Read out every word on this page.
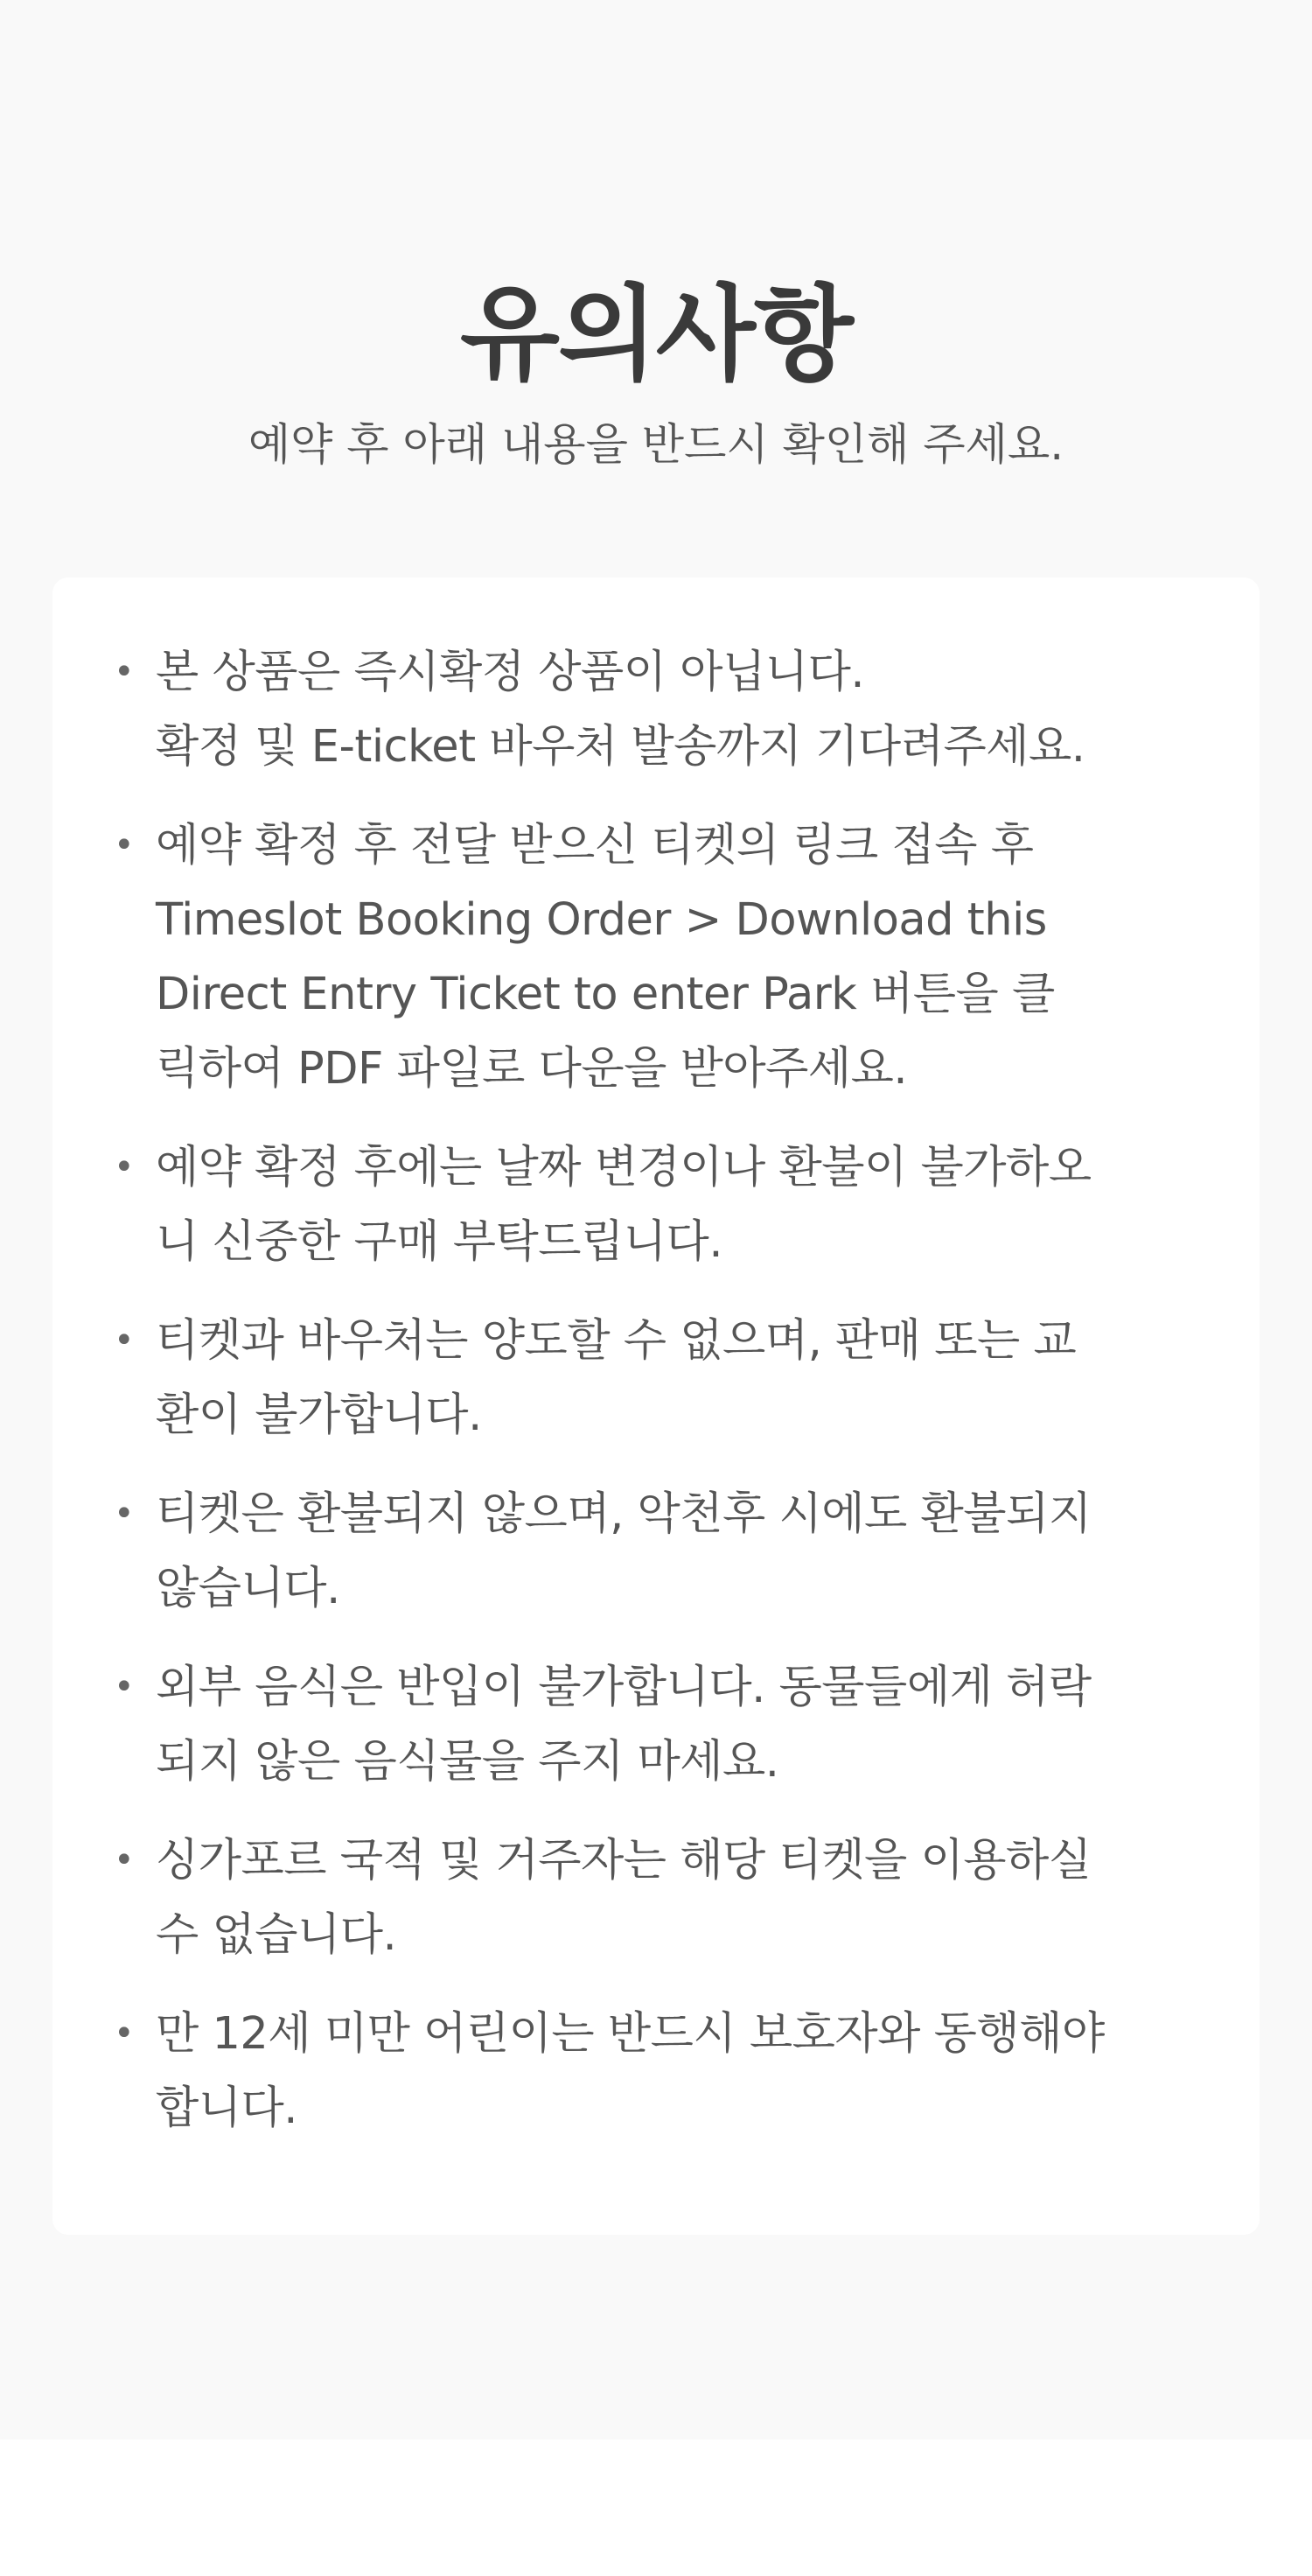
유의사항

예약 후 아래 내용을 반드시 확인해 주세요.

• 본 상품은 즉시확정 상품이 아닙니다.
확정 및 E-ticket 바우처 발송까지 기다려주세요.
• 예약 확정 후 전달 받으신 티켓의 링크 접속 후
Timeslot Booking Order > Download this
Direct Entry Ticket to enter Park 버튼을 클
릭하여 PDF 파일로 다운을 받아주세요.
• 예약 확정 후에는 날짜 변경이나 환불이 불가하오
니 신중한 구매 부탁드립니다.
• 티켓과 바우처는 양도할 수 없으며, 판매 또는 교
환이 불가합니다.
• 티켓은 환불되지 않으며, 악천후 시에도 환불되지
않습니다.
• 외부 음식은 반입이 불가합니다. 동물들에게 허락
되지 않은 음식물을 주지 마세요.
• 싱가포르 국적 및 거주자는 해당 티켓을 이용하실
수 없습니다.
• 만 12세 미만 어린이는 반드시 보호자와 동행해야
합니다.
